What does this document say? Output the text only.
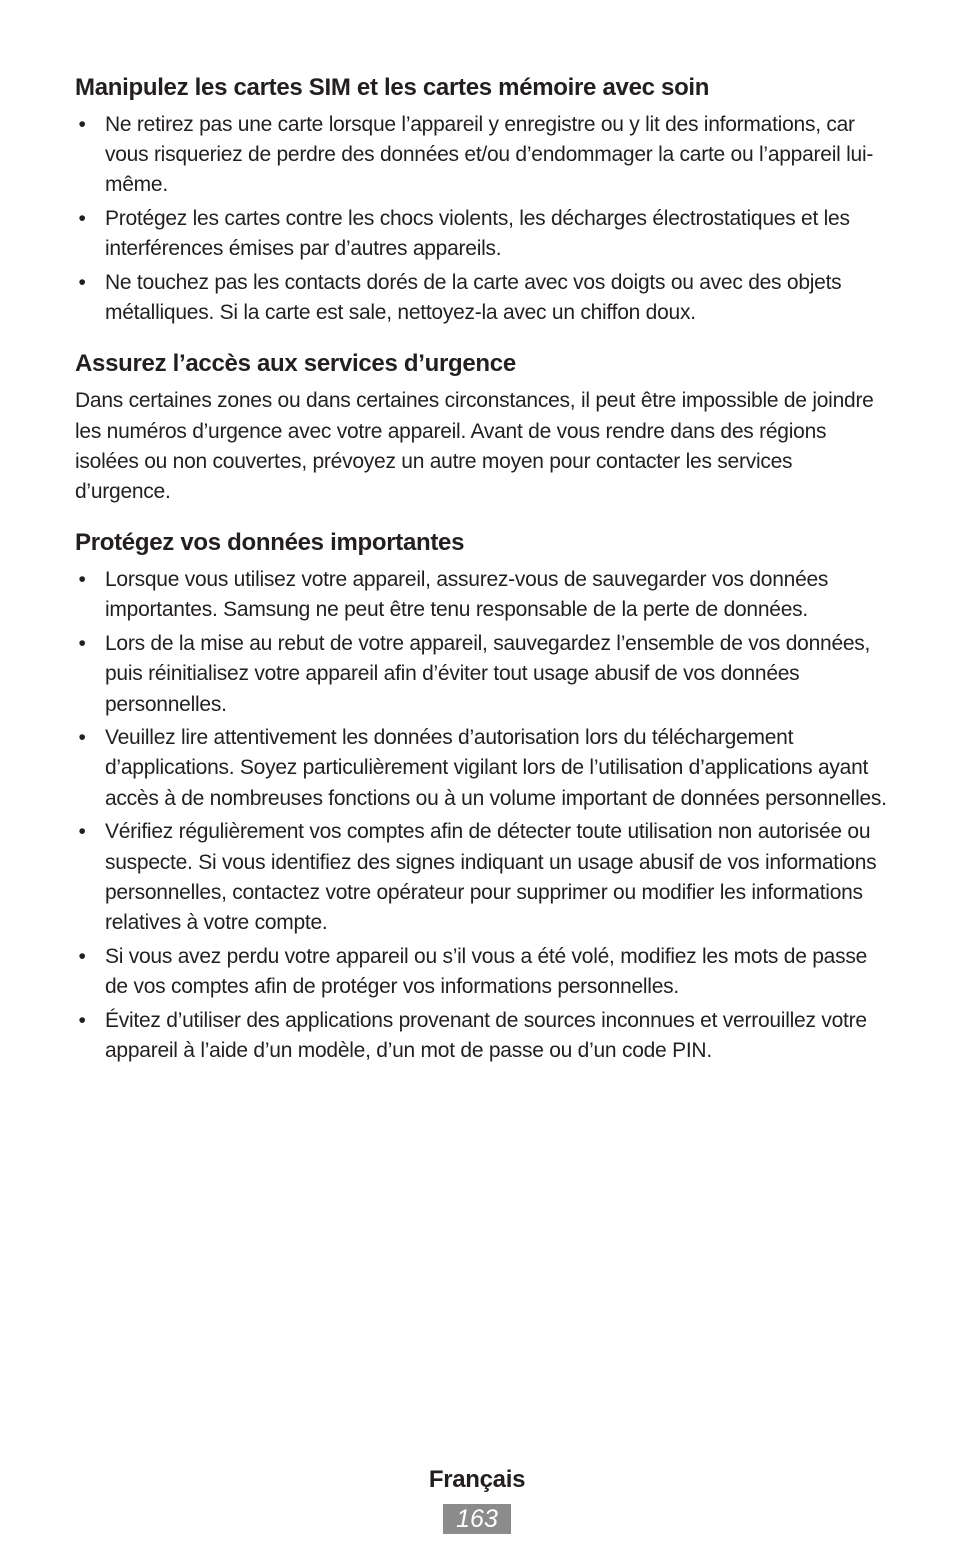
Manipulez les cartes SIM et les cartes mémoire avec soin
• Ne retirez pas une carte lorsque l’appareil y enregistre ou y lit des informations, car vous risqueriez de perdre des données et/ou d’endommager la carte ou l’appareil lui-même.
• Protégez les cartes contre les chocs violents, les décharges électrostatiques et les interférences émises par d’autres appareils.
• Ne touchez pas les contacts dorés de la carte avec vos doigts ou avec des objets métalliques. Si la carte est sale, nettoyez-la avec un chiffon doux.
Assurez l’accès aux services d’urgence

Dans certaines zones ou dans certaines circonstances, il peut être impossible de joindre les numéros d’urgence avec votre appareil. Avant de vous rendre dans des régions isolées ou non couvertes, prévoyez un autre moyen pour contacter les services d’urgence.

Protégez vos données importantes
• Lorsque vous utilisez votre appareil, assurez-vous de sauvegarder vos données importantes. Samsung ne peut être tenu responsable de la perte de données.
• Lors de la mise au rebut de votre appareil, sauvegardez l’ensemble de vos données, puis réinitialisez votre appareil afin d’éviter tout usage abusif de vos données personnelles.
• Veuillez lire attentivement les données d’autorisation lors du téléchargement d’applications. Soyez particulièrement vigilant lors de l’utilisation d’applications ayant accès à de nombreuses fonctions ou à un volume important de données personnelles.
• Vérifiez régulièrement vos comptes afin de détecter toute utilisation non autorisée ou suspecte. Si vous identifiez des signes indiquant un usage abusif de vos informations personnelles, contactez votre opérateur pour supprimer ou modifier les informations relatives à votre compte.
• Si vous avez perdu votre appareil ou s’il vous a été volé, modifiez les mots de passe de vos comptes afin de protéger vos informations personnelles.
• Évitez d’utiliser des applications provenant de sources inconnues et verrouillez votre appareil à l’aide d’un modèle, d’un mot de passe ou d’un code PIN.
Français
163
